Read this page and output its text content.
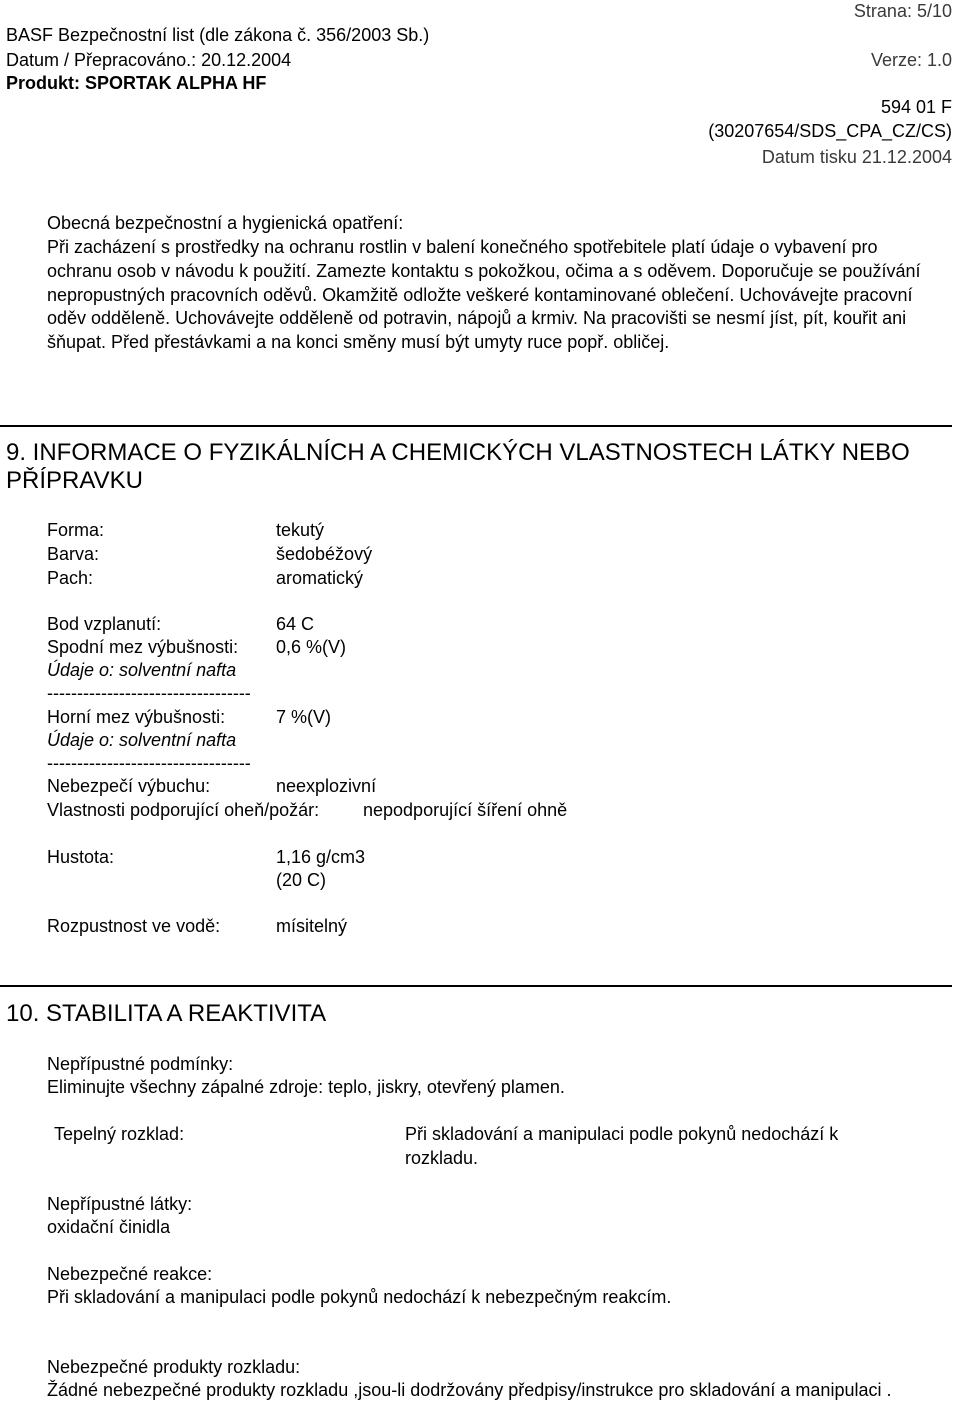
Strana: 5/10
BASF Bezpečnostní list (dle zákona č. 356/2003 Sb.)
Datum / Přepracováno.: 20.12.2004	Verze: 1.0
Produkt: SPORTAK ALPHA HF
594 01 F
(30207654/SDS_CPA_CZ/CS)
Datum tisku 21.12.2004
Obecná bezpečnostní a hygienická opatření:
Při zacházení s prostředky na ochranu rostlin v balení konečného spotřebitele platí údaje o vybavení pro ochranu osob v návodu k použití. Zamezte kontaktu s pokožkou, očima a s oděvem. Doporučuje se používání nepropustných pracovních oděvů. Okamžitě odložte veškeré kontaminované oblečení. Uchovávejte pracovní oděv odděleně. Uchovávejte odděleně od potravin, nápojů a krmiv. Na pracovišti se nesmí jíst, pít, kouřit ani šňupat. Před přestávkami a na konci směny musí být umyty ruce popř. obličej.
9. INFORMACE O FYZIKÁLNÍCH A CHEMICKÝCH VLASTNOSTECH LÁTKY NEBO
PŘÍPRAVKU
Forma:	tekutý
Barva:	šedobéžový
Pach:	aromatický
Bod vzplanutí:	64 C
Spodní mez výbušnosti: 0,6 %(V)
Údaje o: solventní nafta
----------------------------------
Horní mez výbušnosti:	7 %(V)
Údaje o: solventní nafta
----------------------------------
Nebezpečí výbuchu:	neexplozivní
Vlastnosti podporující oheň/požár: nepodporující šíření ohně
Hustota:	1,16 g/cm3
(20 C)
Rozpustnost ve vodě:	mísitelný
10. STABILITA A REAKTIVITA
Nepřípustné podmínky:
Eliminujte všechny zápalné zdroje: teplo, jiskry, otevřený plamen.
Tepelný rozklad:	Při skladování a manipulaci podle pokynů nedochází k rozkladu.
Nepřípustné látky:
oxidační činidla
Nebezpečné reakce:
Při skladování a manipulaci podle pokynů nedochází k nebezpečným reakcím.
Nebezpečné produkty rozkladu:
Žádné nebezpečné produkty rozkladu ,jsou-li dodržovány předpisy/instrukce pro skladování a manipulaci .
